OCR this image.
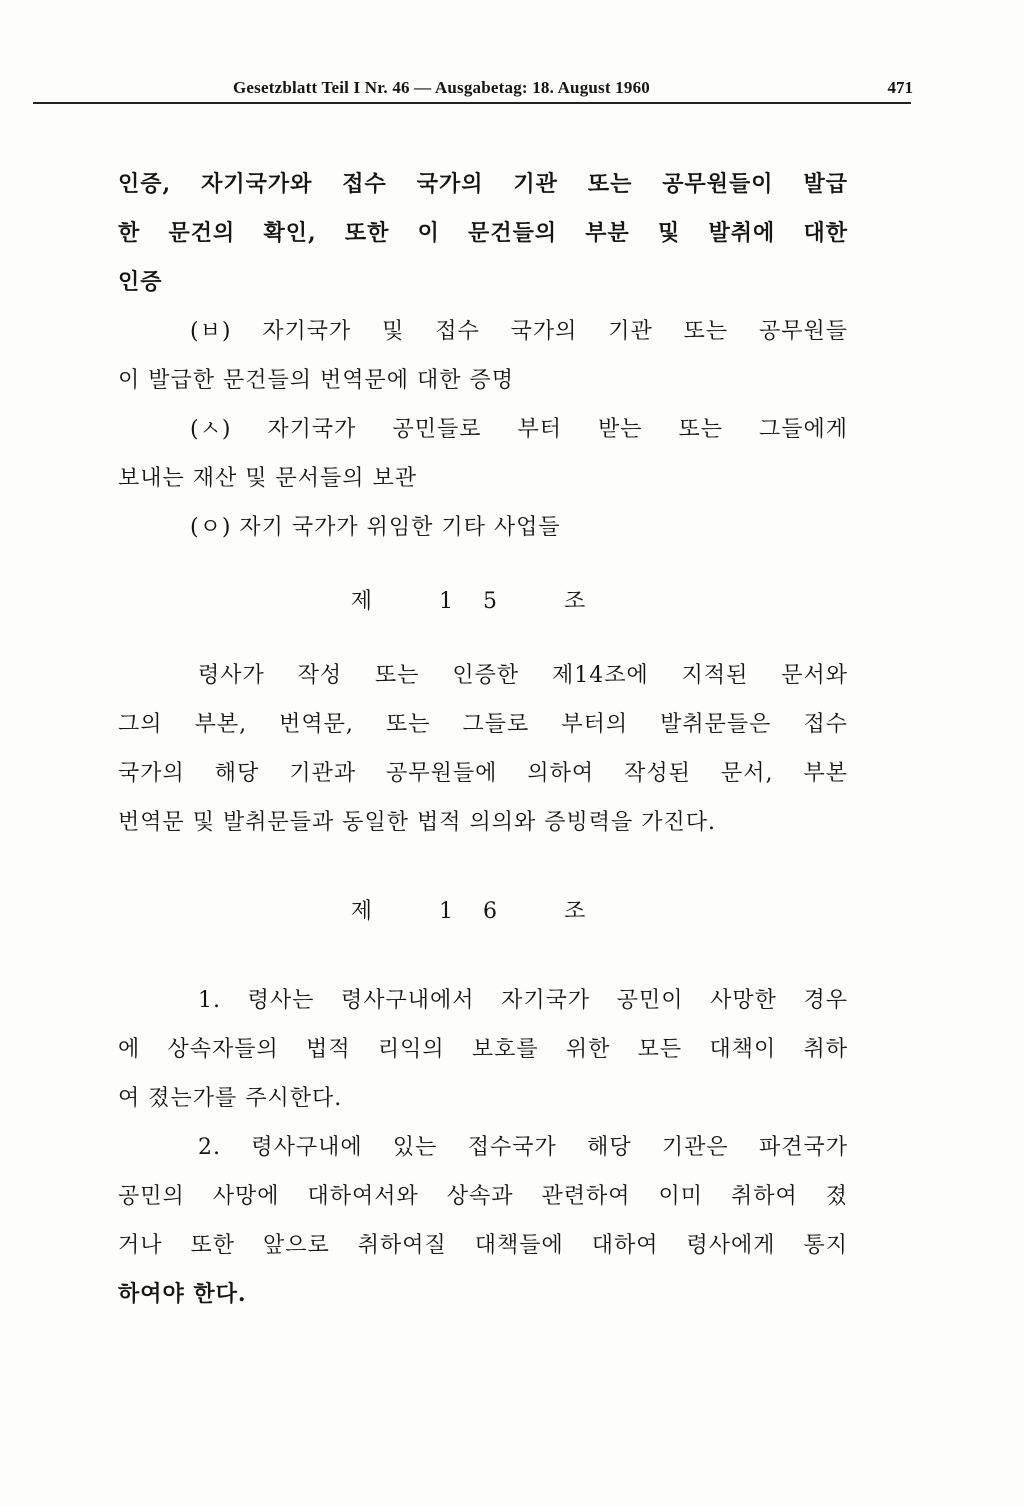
Gesetzblatt Teil I Nr. 46 — Ausgabetag: 18. August 1960	471
인증, 자기국가와 접수 국가의 기관 또는 공무원들이 발급
한 문건의 확인, 또한 이 문건들의 부분 및 발취에 대한
인증
(ㅂ) 자기국가 및 접수 국가의 기관 또는 공무원들
이 발급한 문건들의 번역문에 대한 증명
(ㅅ) 자기국가 공민들로 부터 받는 또는 그들에게
보내는 재산 및 문서들의 보관
(ㅇ) 자기 국가가 위임한 기타 사업들
제 15 조
령사가 작성 또는 인증한 제14조에 지적된 문서와
그의 부본, 번역문, 또는 그들로 부터의 발취문들은 접수
국가의 해당 기관과 공무원들에 의하여 작성된 문서, 부본
번역문 및 발취문들과 동일한 법적 의의와 증빙력을 가진다.
제 16 조
1. 령사는 령사구내에서 자기국가 공민이 사망한 경우
에 상속자들의 법적 리익의 보호를 위한 모든 대책이 취하
여 졌는가를 주시한다.
2. 령사구내에 있는 접수국가 해당 기관은 파견국가
공민의 사망에 대하여서와 상속과 관련하여 이미 취하여 졌
거나 또한 앞으로 취하여질 대책들에 대하여 령사에게 통지
하여야 한다.
